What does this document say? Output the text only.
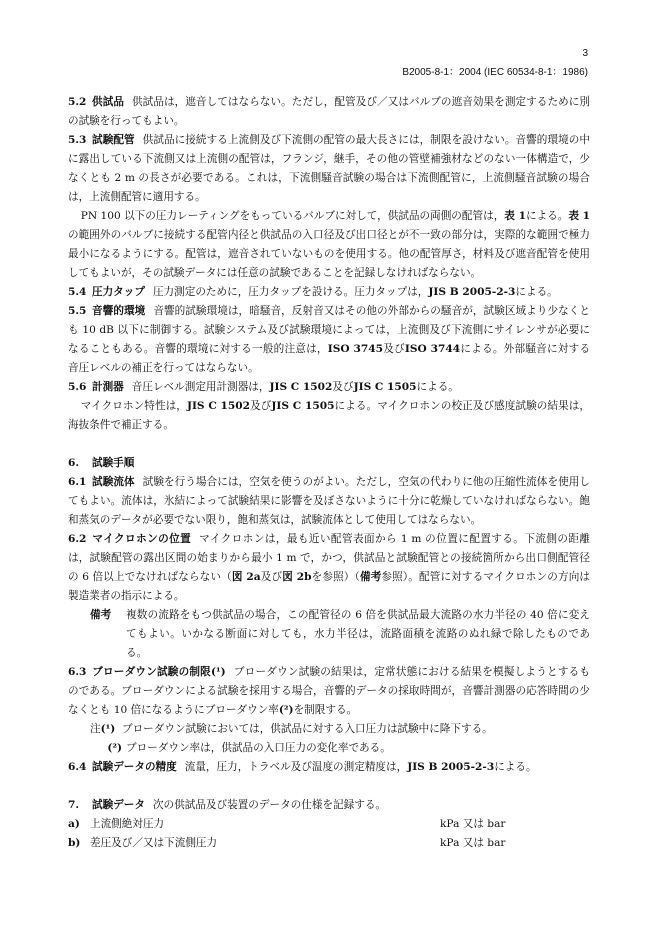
3
B2005-8-1：2004 (IEC 60534-8-1：1986)

5.2 供試品 供試品は，遮音してはならない。ただし，配管及び／又はバルブの遮音効果を測定するために別の試験を行ってもよい。

5.3 試験配管 供試品に接続する上流側及び下流側の配管の最大長さには，制限を設けない。音響的環境の中に露出している下流側又は上流側の配管は，フランジ，継手，その他の管壁補強材などのない一体構造で，少なくとも 2 m の長さが必要である。これは，下流側騒音試験の場合は下流側配管に，上流側騒音試験の場合は，上流側配管に適用する。

PN 100 以下の圧力レーティングをもっているバルブに対して，供試品の両側の配管は，表 1による。表 1の範囲外のバルブに接続する配管内径と供試品の入口径及び出口径とが不一致の部分は，実際的な範囲で極力最小になるようにする。配管は，遮音されていないものを使用する。他の配管厚さ，材料及び遮音配管を使用してもよいが，その試験データには任意の試験であることを記録しなければならない。

5.4 圧力タップ 圧力測定のために，圧力タップを設ける。圧力タップは，JIS B 2005-2-3による。

5.5 音響的環境 音響的試験環境は，暗騒音，反射音又はその他の外部からの騒音が，試験区域より少なくとも 10 dB 以下に制御する。試験システム及び試験環境によっては，上流側及び下流側にサイレンサが必要になることもある。音響的環境に対する一般的注意は，ISO 3745及びISO 3744による。外部騒音に対する音圧レベルの補正を行ってはならない。

5.6 計測器 音圧レベル測定用計測器は，JIS C 1502及びJIS C 1505による。

マイクロホン特性は，JIS C 1502及びJIS C 1505による。マイクロホンの校正及び感度試験の結果は，海抜条件で補正する。

6. 試験手順

6.1 試験流体 試験を行う場合には，空気を使うのがよい。ただし，空気の代わりに他の圧縮性流体を使用してもよい。流体は，氷結によって試験結果に影響を及ぼさないように十分に乾燥していなければならない。飽和蒸気のデータが必要でない限り，飽和蒸気は，試験流体として使用してはならない。

6.2 マイクロホンの位置 マイクロホンは，最も近い配管表面から 1 m の位置に配置する。下流側の距離は，試験配管の露出区間の始まりから最小 1 m で，かつ，供試品と試験配管との接続箇所から出口側配管径の 6 倍以上でなければならない（図 2a及び図 2bを参照）（備考参照）。配管に対するマイクロホンの方向は製造業者の指示による。

備考	複数の流路をもつ供試品の場合，この配管径の 6 倍を供試品最大流路の水力半径の 40 倍に変えてもよい。いかなる断面に対しても，水力半径は，流路面積を流路のぬれ緑で除したものである。

6.3 ブローダウン試験の制限(¹) ブローダウン試験の結果は，定常状態における結果を模擬しようとするものである。ブローダウンによる試験を採用する場合，音響的データの採取時間が，音響計測器の応答時間の少なくとも 10 倍になるようにブローダウン率(²)を制限する。

注(¹) ブローダウン試験においては，供試品に対する入口圧力は試験中に降下する。
(²) ブローダウン率は，供試品の入口圧力の変化率である。

6.4 試験データの精度 流量，圧力，トラベル及び温度の測定精度は，JIS B 2005-2-3による。

7. 試験データ 次の供試品及び装置のデータの仕様を記録する。

a) 上流側絶対圧力	kPa 又は bar
b) 差圧及び／又は下流側圧力	kPa 又は bar
